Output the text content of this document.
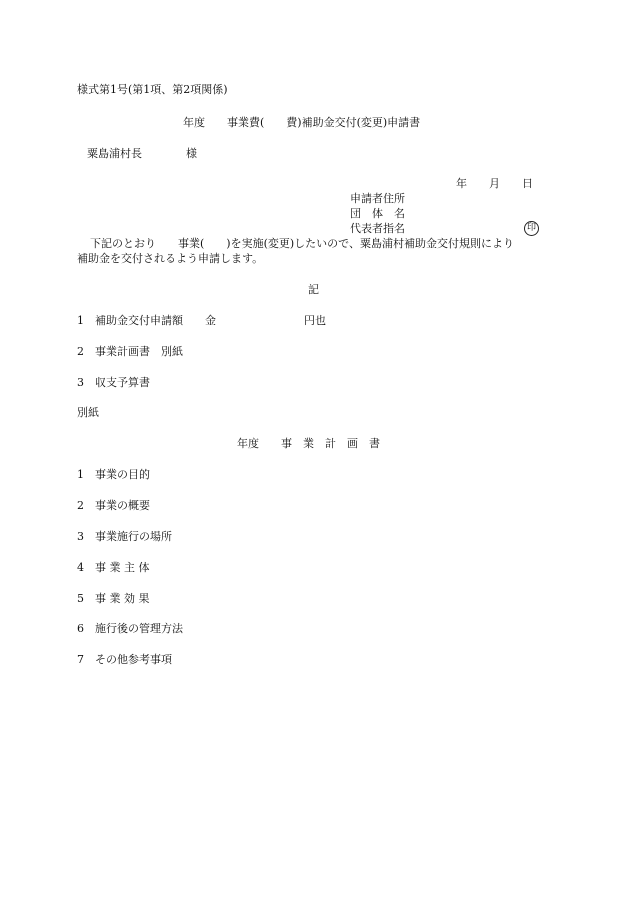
様式第1号(第1項、第2項関係)
年度　　事業費(　　費)補助金交付(変更)申請書
粟島浦村長　　　　様
年　　月　　日
申請者住所
団　体　名
代表者指名	印
下記のとおり　　事業(　　)を実施(変更)したいので、粟島浦村補助金交付規則により
補助金を交付されるよう申請します。
記
1　補助金交付申請額　　金　　　　　　　　円也
2　事業計画書　別紙
3　収支予算書
別紙
年度　　事　業　計　画　書
1　事業の目的
2　事業の概要
3　事業施行の場所
4　事 業 主 体
5　事 業 効 果
6　施行後の管理方法
7　その他参考事項
